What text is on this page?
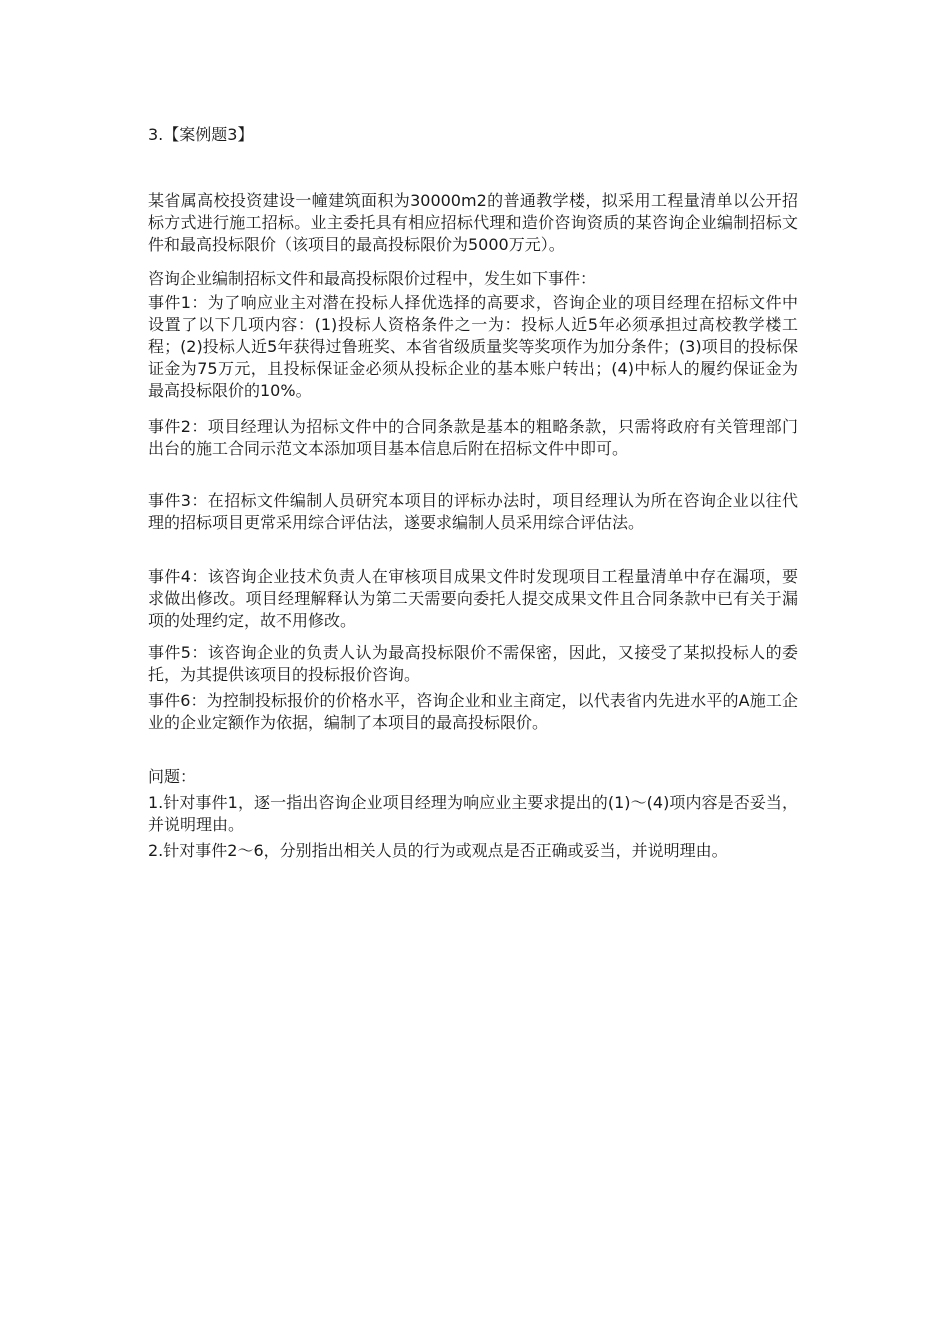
3.【案例题3】
某省属高校投资建设一幢建筑面积为30000m2的普通教学楼，拟采用工程量清单以公开招标方式进行施工招标。业主委托具有相应招标代理和造价咨询资质的某咨询企业编制招标文件和最高投标限价（该项目的最高投标限价为5000万元）。
咨询企业编制招标文件和最高投标限价过程中，发生如下事件：
事件1：为了响应业主对潜在投标人择优选择的高要求，咨询企业的项目经理在招标文件中设置了以下几项内容：(1)投标人资格条件之一为：投标人近5年必须承担过高校教学楼工程；(2)投标人近5年获得过鲁班奖、本省省级质量奖等奖项作为加分条件；(3)项目的投标保证金为75万元，且投标保证金必须从投标企业的基本账户转出；(4)中标人的履约保证金为最高投标限价的10%。
事件2：项目经理认为招标文件中的合同条款是基本的粗略条款，只需将政府有关管理部门出台的施工合同示范文本添加项目基本信息后附在招标文件中即可。
事件3：在招标文件编制人员研究本项目的评标办法时，项目经理认为所在咨询企业以往代理的招标项目更常采用综合评估法，遂要求编制人员采用综合评估法。
事件4：该咨询企业技术负责人在审核项目成果文件时发现项目工程量清单中存在漏项，要求做出修改。项目经理解释认为第二天需要向委托人提交成果文件且合同条款中已有关于漏项的处理约定，故不用修改。
事件5：该咨询企业的负责人认为最高投标限价不需保密，因此，又接受了某拟投标人的委托，为其提供该项目的投标报价咨询。
事件6：为控制投标报价的价格水平，咨询企业和业主商定，以代表省内先进水平的A施工企业的企业定额作为依据，编制了本项目的最高投标限价。
问题：
1.针对事件1，逐一指出咨询企业项目经理为响应业主要求提出的(1)～(4)项内容是否妥当，并说明理由。
2.针对事件2～6，分别指出相关人员的行为或观点是否正确或妥当，并说明理由。
